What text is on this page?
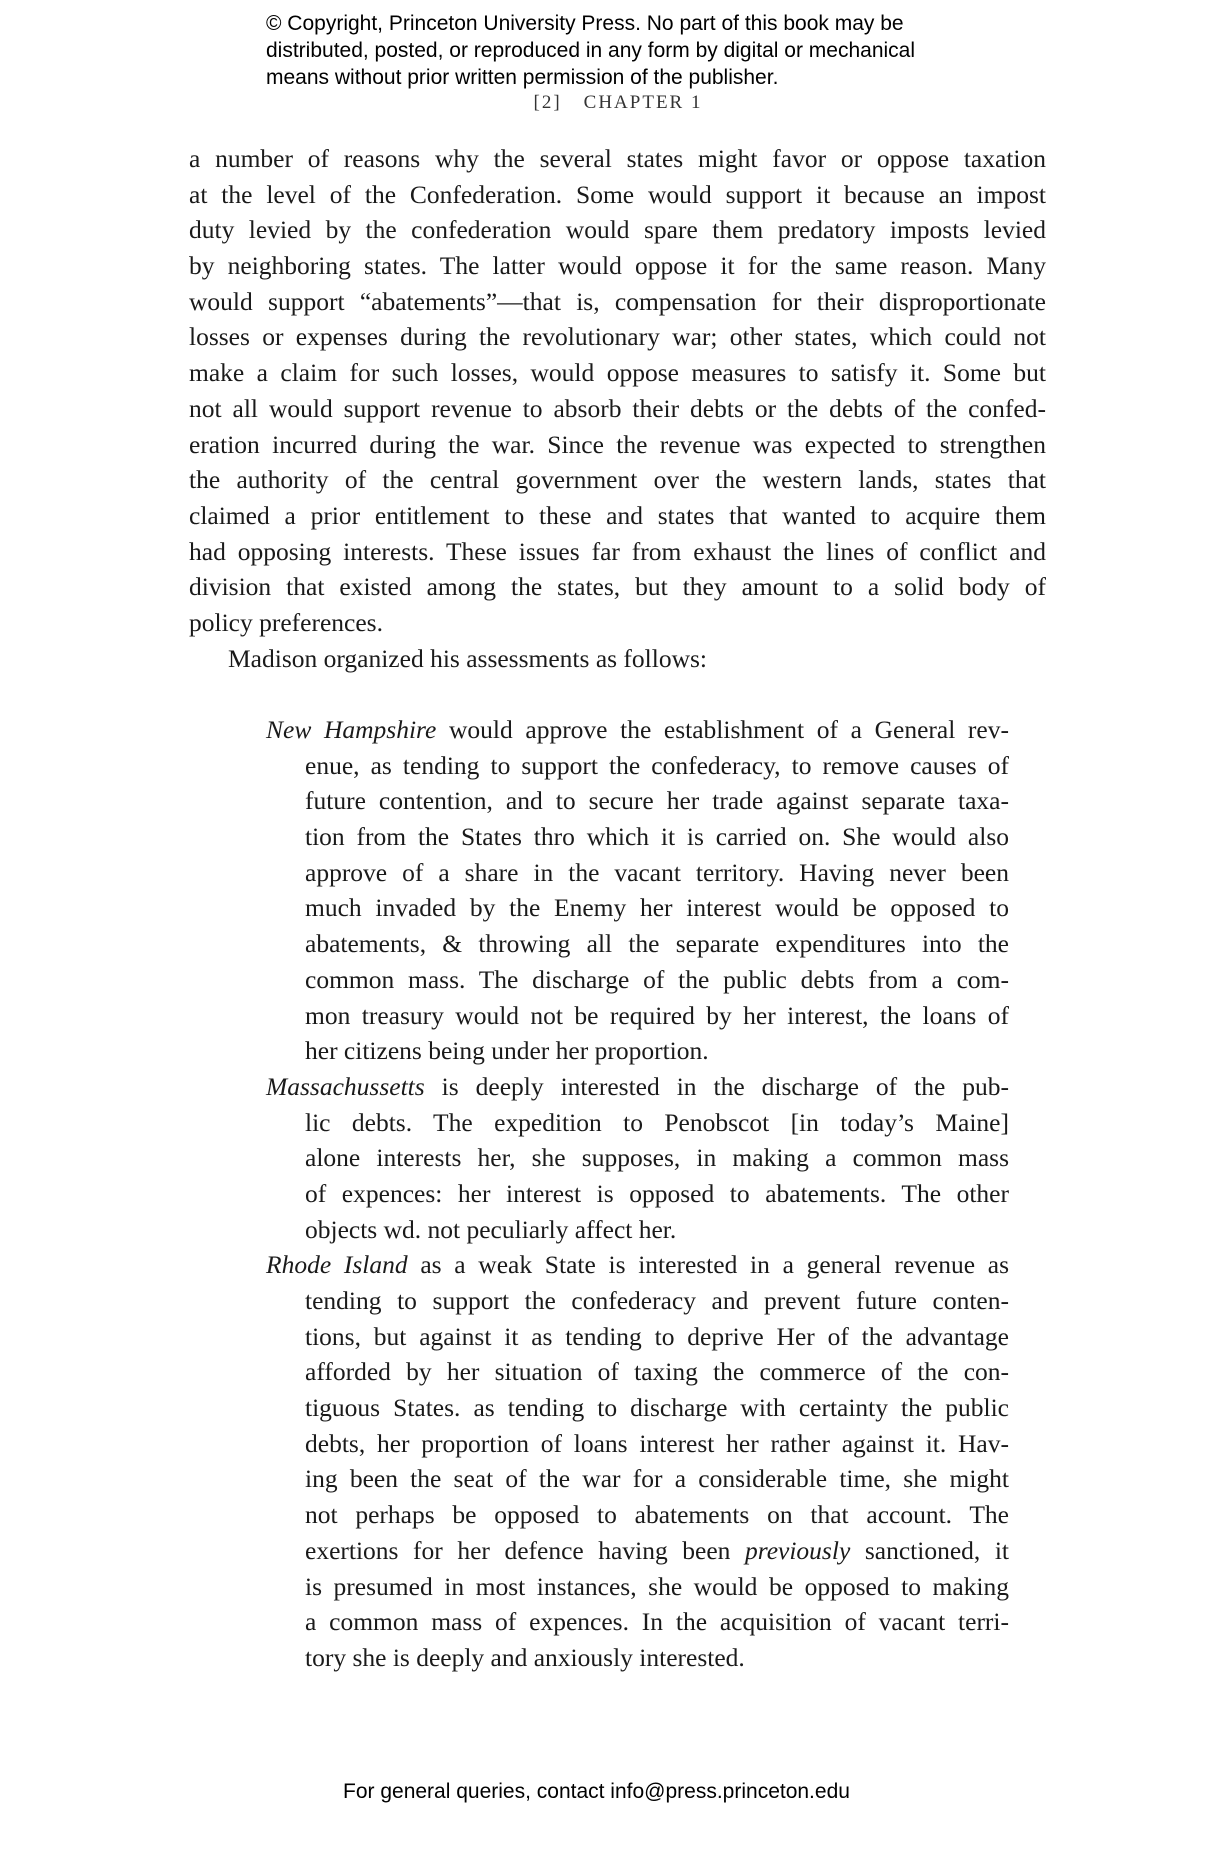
© Copyright, Princeton University Press. No part of this book may be
distributed, posted, or reproduced in any form by digital or mechanical
means without prior written permission of the publisher.
[2] CHAPTER 1
a number of reasons why the several states might favor or oppose taxation
at the level of the Confederation. Some would support it because an impost
duty levied by the confederation would spare them predatory imposts levied
by neighboring states. The latter would oppose it for the same reason. Many
would support “abatements”—that is, compensation for their disproportionate
losses or expenses during the revolutionary war; other states, which could not
make a claim for such losses, would oppose measures to satisfy it. Some but
not all would support revenue to absorb their debts or the debts of the confed-
eration incurred during the war. Since the revenue was expected to strengthen
the authority of the central government over the western lands, states that
claimed a prior entitlement to these and states that wanted to acquire them
had opposing interests. These issues far from exhaust the lines of conflict and
division that existed among the states, but they amount to a solid body of
policy preferences.
Madison organized his assessments as follows:
New Hampshire would approve the establishment of a General rev-
enue, as tending to support the confederacy, to remove causes of
future contention, and to secure her trade against separate taxa-
tion from the States thro which it is carried on. She would also
approve of a share in the vacant territory. Having never been
much invaded by the Enemy her interest would be opposed to
abatements, & throwing all the separate expenditures into the
common mass. The discharge of the public debts from a com-
mon treasury would not be required by her interest, the loans of
her citizens being under her proportion.
Massachussetts is deeply interested in the discharge of the pub-
lic debts. The expedition to Penobscot [in today’s Maine]
alone interests her, she supposes, in making a common mass
of expences: her interest is opposed to abatements. The other
objects wd. not peculiarly affect her.
Rhode Island as a weak State is interested in a general revenue as
tending to support the confederacy and prevent future conten-
tions, but against it as tending to deprive Her of the advantage
afforded by her situation of taxing the commerce of the con-
tiguous States. as tending to discharge with certainty the public
debts, her proportion of loans interest her rather against it. Hav-
ing been the seat of the war for a considerable time, she might
not perhaps be opposed to abatements on that account. The
exertions for her defence having been previously sanctioned, it
is presumed in most instances, she would be opposed to making
a common mass of expences. In the acquisition of vacant terri-
tory she is deeply and anxiously interested.
For general queries, contact info@press.princeton.edu
